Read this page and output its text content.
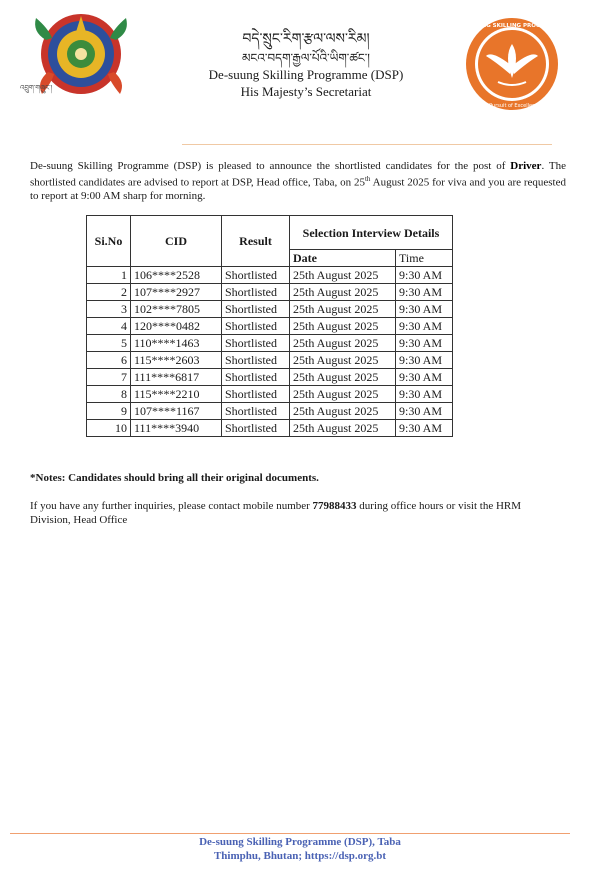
འབྲུག་གཞུང་།
བདེ་སྲུང་རིག་རྩལ་ལས་རིམ།
མངའ་བདག་རྒྱལ་པོའི་ཡིག་ཚང་།
De-suung Skilling Programme (DSP)
His Majesty’s Secretariat
DESUUNG SKILLING PROGRAMME
In Pursuit of Excellence
De-suung Skilling Programme (DSP) is pleased to announce the shortlisted candidates for the post of Driver. The shortlisted candidates are advised to report at DSP, Head office, Taba, on 25th August 2025 for viva and you are requested to report at 9:00 AM sharp for morning.
Si.No	CID	Result	Selection Interview Details	
			Date	Time
1	106****2528	Shortlisted	25th August 2025	9:30 AM
2	107****2927	Shortlisted	25th August 2025	9:30 AM
3	102****7805	Shortlisted	25th August 2025	9:30 AM
4	120****0482	Shortlisted	25th August 2025	9:30 AM
5	110****1463	Shortlisted	25th August 2025	9:30 AM
6	115****2603	Shortlisted	25th August 2025	9:30 AM
7	111****6817	Shortlisted	25th August 2025	9:30 AM
8	115****2210	Shortlisted	25th August 2025	9:30 AM
9	107****1167	Shortlisted	25th August 2025	9:30 AM
10	111****3940	Shortlisted	25th August 2025	9:30 AM
*Notes: Candidates should bring all their original documents.
If you have any further inquiries, please contact mobile number 77988433 during office hours or visit the HRM Division, Head Office
De-suung Skilling Programme (DSP), Taba
Thimphu, Bhutan; https://dsp.org.bt
